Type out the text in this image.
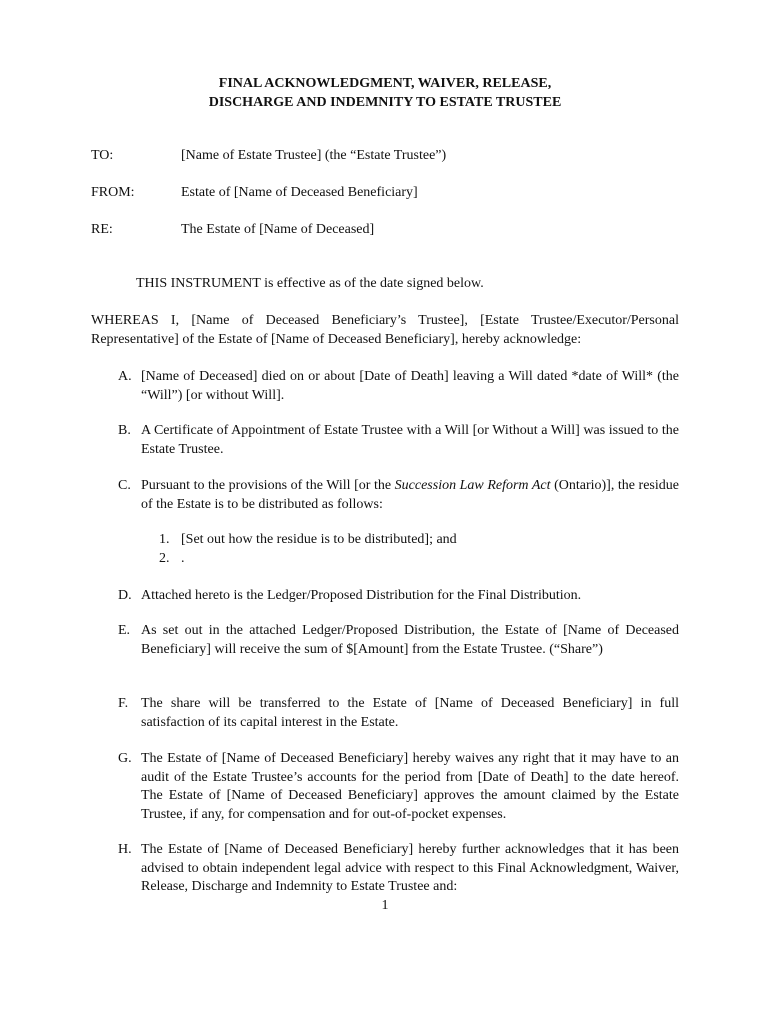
FINAL ACKNOWLEDGMENT, WAIVER, RELEASE,
DISCHARGE AND INDEMNITY TO ESTATE TRUSTEE
TO:	[Name of Estate Trustee] (the “Estate Trustee”)
FROM:	Estate of [Name of Deceased Beneficiary]
RE:	The Estate of [Name of Deceased]
THIS INSTRUMENT is effective as of the date signed below.
WHEREAS I, [Name of Deceased Beneficiary’s Trustee], [Estate Trustee/Executor/Personal Representative] of the Estate of [Name of Deceased Beneficiary], hereby acknowledge:
A. [Name of Deceased] died on or about [Date of Death] leaving a Will dated *date of Will* (the “Will”) [or without Will].
B. A Certificate of Appointment of Estate Trustee with a Will [or Without a Will] was issued to the Estate Trustee.
C. Pursuant to the provisions of the Will [or the Succession Law Reform Act (Ontario)], the residue of the Estate is to be distributed as follows:
1. [Set out how the residue is to be distributed]; and
2. .
D. Attached hereto is the Ledger/Proposed Distribution for the Final Distribution.
E. As set out in the attached Ledger/Proposed Distribution, the Estate of [Name of Deceased Beneficiary] will receive the sum of $[Amount] from the Estate Trustee. (“Share”)
F. The share will be transferred to the Estate of [Name of Deceased Beneficiary] in full satisfaction of its capital interest in the Estate.
G. The Estate of [Name of Deceased Beneficiary] hereby waives any right that it may have to an audit of the Estate Trustee’s accounts for the period from [Date of Death] to the date hereof. The Estate of [Name of Deceased Beneficiary] approves the amount claimed by the Estate Trustee, if any, for compensation and for out-of-pocket expenses.
H. The Estate of [Name of Deceased Beneficiary] hereby further acknowledges that it has been advised to obtain independent legal advice with respect to this Final Acknowledgment, Waiver, Release, Discharge and Indemnity to Estate Trustee and:
1
